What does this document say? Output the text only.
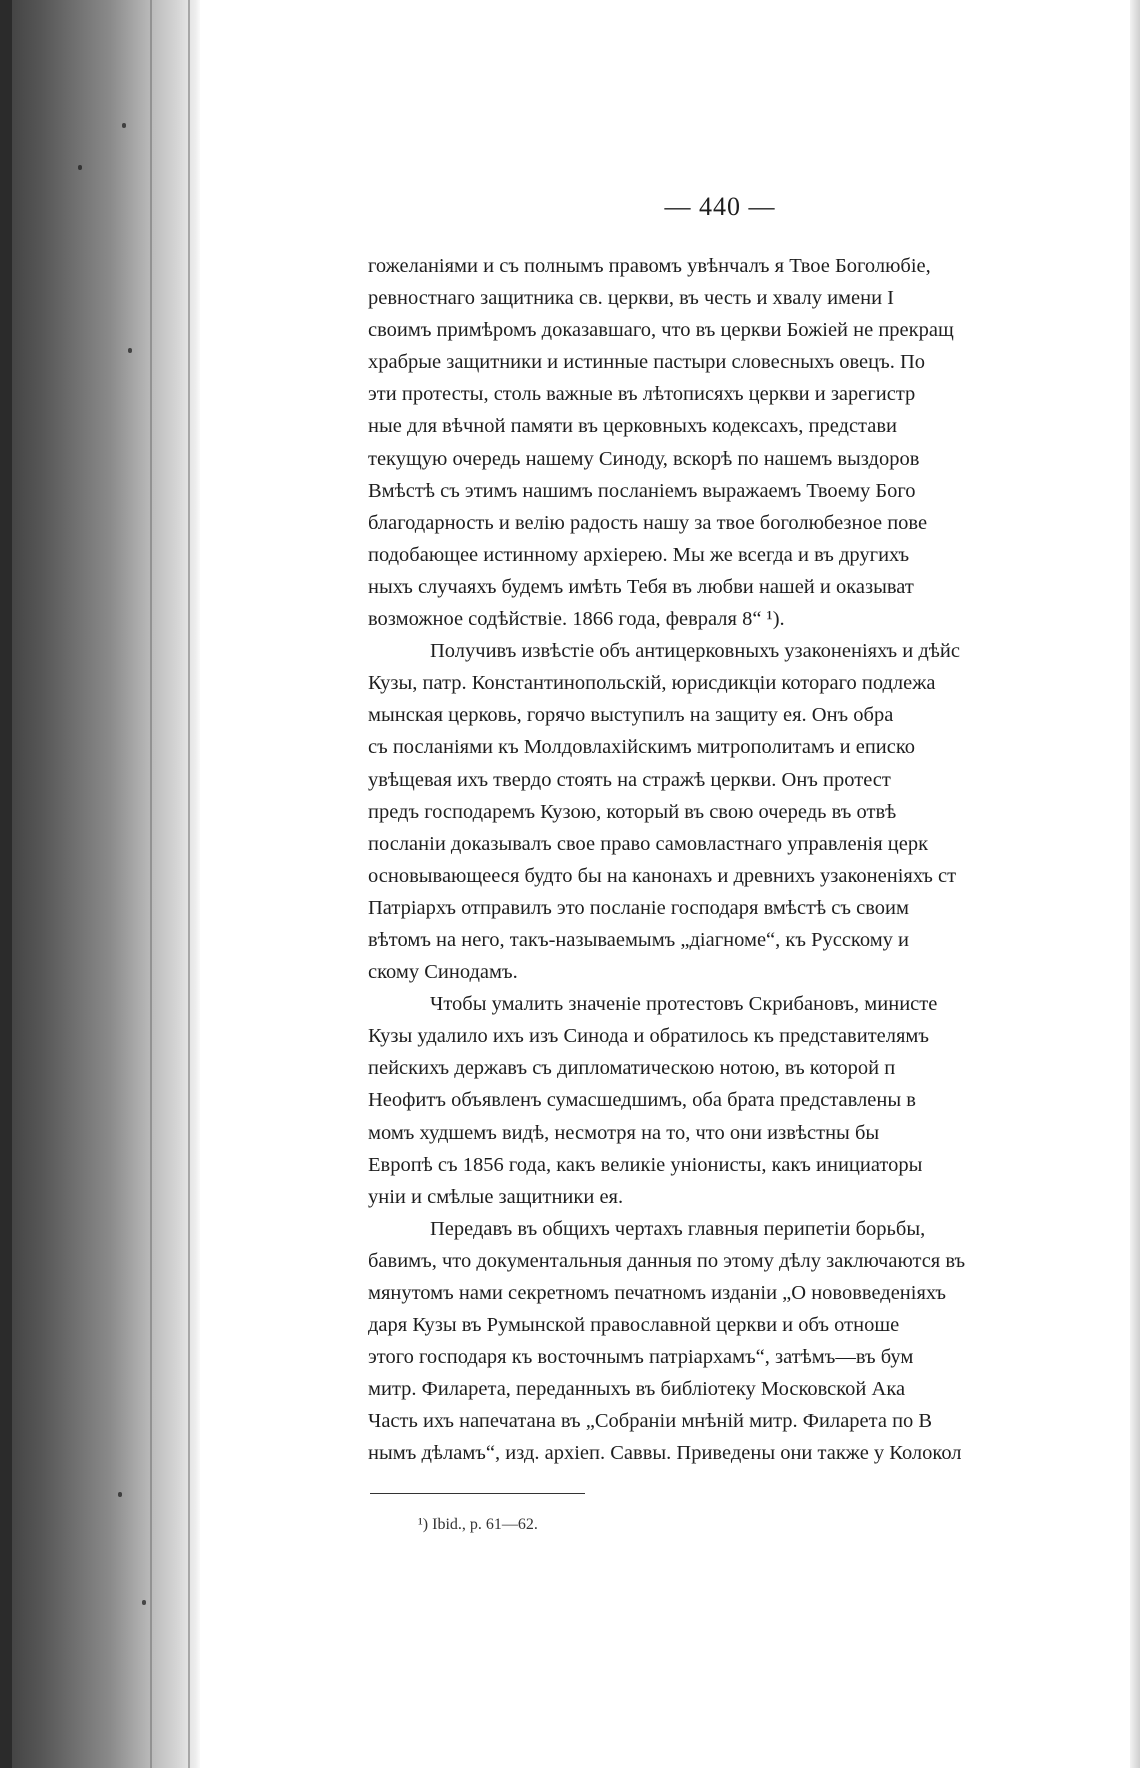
— 440 —
гожеланіями и съ полнымъ правомъ увѣнчалъ я Твое Боголюбіе,
ревностнаго защитника св. церкви, въ честь и хвалу имени I
своимъ примѣромъ доказавшаго, что въ церкви Божіей не прекращ
храбрые защитники и истинные пастыри словесныхъ овецъ. По
эти протесты, столь важные въ лѣтописяхъ церкви и зарегистр
ные для вѣчной памяти въ церковныхъ кодексахъ, представи
текущую очередь нашему Синоду, вскорѣ по нашемъ выздоров
Вмѣстѣ съ этимъ нашимъ посланіемъ выражаемъ Твоему Бого
благодарность и велію радость нашу за твое боголюбезное пове
подобающее истинному архіерею. Мы же всегда и въ другихъ
ныхъ случаяхъ будемъ имѣть Тебя въ любви нашей и оказыват
возможное содѣйствіе. 1866 года, февраля 8“ ¹).
Получивъ извѣстіе объ антицерковныхъ узаконеніяхъ и дѣйс
Кузы, патр. Константинопольскій, юрисдикціи котораго подлежа
мынская церковь, горячо выступилъ на защиту ея. Онъ обра
съ посланіями къ Молдовлахійскимъ митрополитамъ и еписко
увѣщевая ихъ твердо стоять на стражѣ церкви. Онъ протест
предъ господаремъ Кузою, который въ свою очередь въ отвѣ
посланіи доказывалъ свое право самовластнаго управленія церк
основывающееся будто бы на канонахъ и древнихъ узаконеніяхъ ст
Патріархъ отправилъ это посланіе господаря вмѣстѣ съ своим
вѣтомъ на него, такъ-называемымъ „діагноме“, къ Русскому и
скому Синодамъ.
Чтобы умалить значеніе протестовъ Скрибановъ, министе
Кузы удалило ихъ изъ Синода и обратилось къ представителямъ
пейскихъ державъ съ дипломатическою нотою, въ которой п
Неофитъ объявленъ сумасшедшимъ, оба брата представлены в
момъ худшемъ видѣ, несмотря на то, что они извѣстны бы
Европѣ съ 1856 года, какъ великіе уніонисты, какъ инициаторы
уніи и смѣлые защитники ея.
Передавъ въ общихъ чертахъ главныя перипетіи борьбы,
бавимъ, что документальныя данныя по этому дѣлу заключаются въ
мянутомъ нами секретномъ печатномъ изданіи „О нововведеніяхъ
даря Кузы въ Румынской православной церкви и объ отноше
этого господаря къ восточнымъ патріархамъ“, затѣмъ—въ бум
митр. Филарета, переданныхъ въ библіотеку Московской Ака
Часть ихъ напечатана въ „Собраніи мнѣній митр. Филарета по В
нымъ дѣламъ“, изд. архіеп. Саввы. Приведены они также у Колокол
¹) Ibid., p. 61—62.
